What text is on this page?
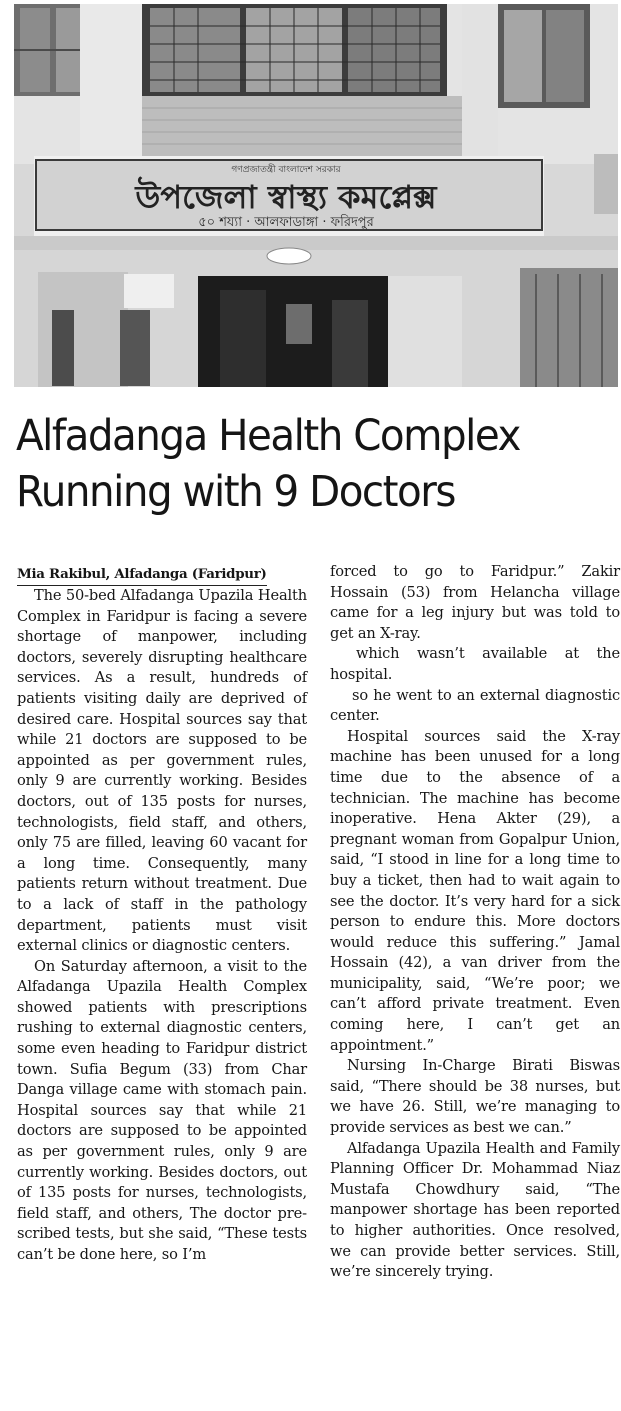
গণপ্রজাতন্ত্রী বাংলাদেশ সরকার
উপজেলা স্বাস্থ্য কমপ্লেক্স
৫০ শয্যা · আলফাডাঙ্গা · ফরিদপুর
Alfadanga Health Complex
Running with 9 Doctors
Mia Rakibul, Alfadanga (Faridpur)

The 50-bed Alfadanga Upazila Health Complex in Faridpur is facing a severe shortage of manpower, including doctors, severely disrupting healthcare services. As a result, hundreds of patients visiting daily are deprived of desired care. Hospital sources say that while 21 doctors are supposed to be appointed as per government rules, only 9 are currently working. Besides doctors, out of 135 posts for nurses, technologists, field staff, and others, only 75 are filled, leaving 60 vacant for a long time. Consequently, many patients return without treatment. Due to a lack of staff in the pathology department, patients must visit external clinics or diagnostic centers.

On Saturday afternoon, a visit to the Alfadanga Upazila Health Complex showed patients with prescriptions rushing to external diagnostic centers, some even heading to Faridpur district town. Sufia Begum (33) from Char Danga village came with stomach pain. Hospital sources say that while 21 doctors are supposed to be appointed as per government rules, only 9 are currently working. Besides doctors, out of 135 posts for nurses, technologists, field staff, and others, The doctor prescribed tests, but she said, “These tests can’t be done here, so I’m

forced to go to Faridpur.” Zakir Hossain (53) from Helancha village came for a leg injury but was told to get an X-ray.

which wasn’t available at the hospital.

so he went to an external diagnostic center.

Hospital sources said the X-ray machine has been unused for a long time due to the absence of a technician. The machine has become inoperative. Hena Akter (29), a pregnant woman from Gopalpur Union, said, “I stood in line for a long time to buy a ticket, then had to wait again to see the doctor. It’s very hard for a sick person to endure this. More doctors would reduce this suffering.” Jamal Hossain (42), a van driver from the municipality, said, “We’re poor; we can’t afford private treatment. Even coming here, I can’t get an appointment.”

Nursing In-Charge Birati Biswas said, “There should be 38 nurses, but we have 26. Still, we’re managing to provide services as best we can.”

Alfadanga Upazila Health and Family Planning Officer Dr. Mohammad Niaz Mustafa Chowdhury said, “The manpower shortage has been reported to higher authorities. Once resolved, we can provide better services. Still, we’re sincerely trying.
